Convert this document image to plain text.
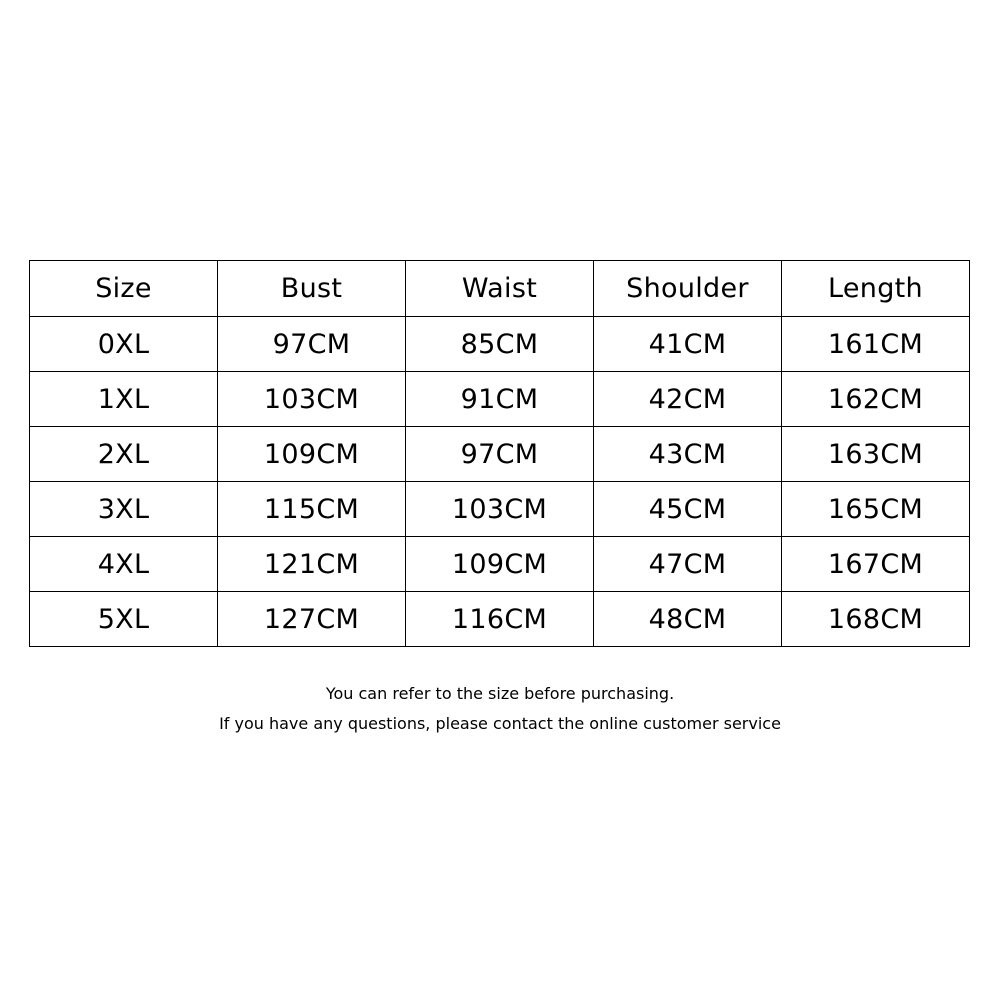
Size	Bust	Waist	Shoulder	Length
0XL	97CM	85CM	41CM	161CM
1XL	103CM	91CM	42CM	162CM
2XL	109CM	97CM	43CM	163CM
3XL	115CM	103CM	45CM	165CM
4XL	121CM	109CM	47CM	167CM
5XL	127CM	116CM	48CM	168CM
You can refer to the size before purchasing.
If you have any questions, please contact the online customer service
